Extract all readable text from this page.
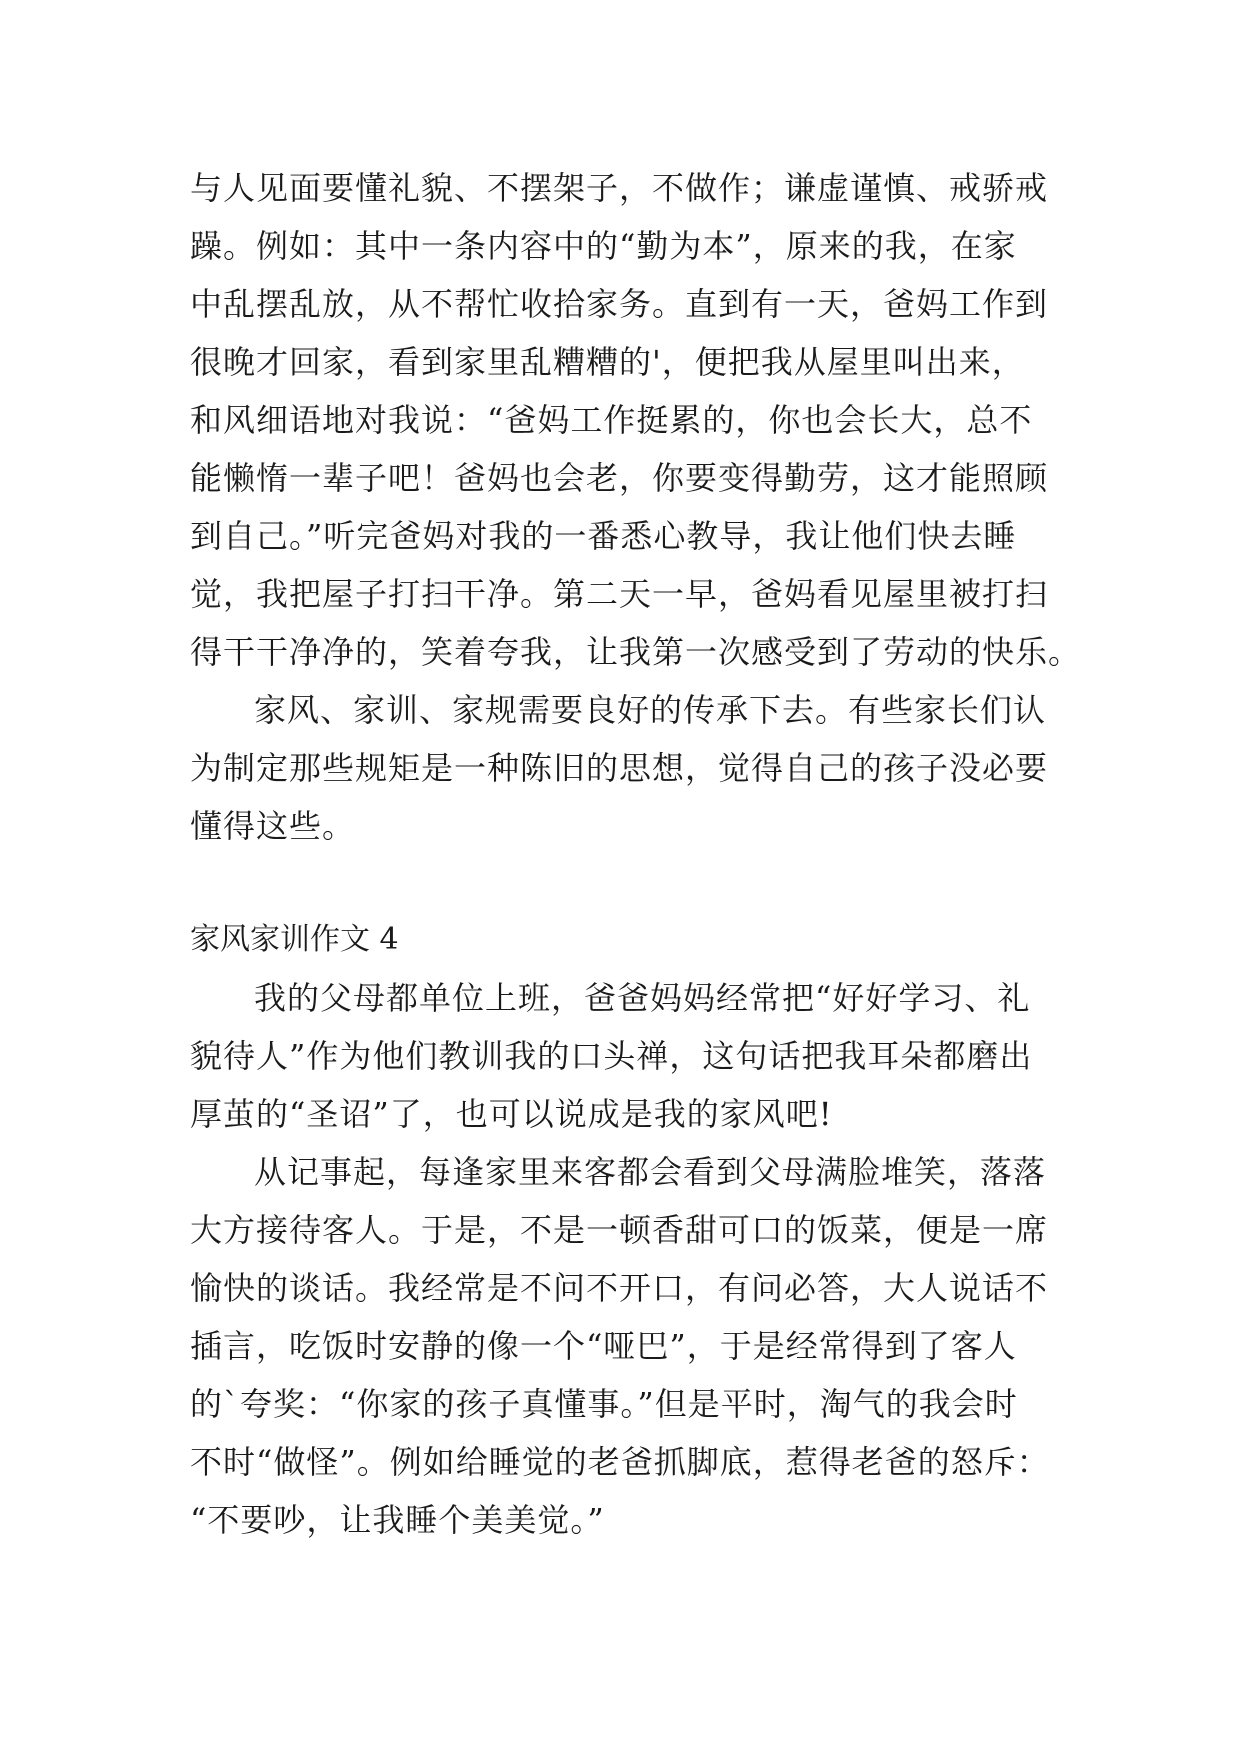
与人见面要懂礼貌、不摆架子，不做作；谦虚谨慎、戒骄戒
躁。例如：其中一条内容中的“勤为本”，原来的我，在家
中乱摆乱放，从不帮忙收拾家务。直到有一天，爸妈工作到
很晚才回家，看到家里乱糟糟的'，便把我从屋里叫出来，
和风细语地对我说：“爸妈工作挺累的，你也会长大，总不
能懒惰一辈子吧！爸妈也会老，你要变得勤劳，这才能照顾
到自己。”听完爸妈对我的一番悉心教导，我让他们快去睡
觉，我把屋子打扫干净。第二天一早，爸妈看见屋里被打扫
得干干净净的，笑着夸我，让我第一次感受到了劳动的快乐。
家风、家训、家规需要良好的传承下去。有些家长们认
为制定那些规矩是一种陈旧的思想，觉得自己的孩子没必要
懂得这些。
家风家训作文 4
我的父母都单位上班，爸爸妈妈经常把“好好学习、礼
貌待人”作为他们教训我的口头禅，这句话把我耳朵都磨出
厚茧的“圣诏”了，也可以说成是我的家风吧!
从记事起，每逢家里来客都会看到父母满脸堆笑，落落
大方接待客人。于是，不是一顿香甜可口的饭菜，便是一席
愉快的谈话。我经常是不问不开口，有问必答，大人说话不
插言，吃饭时安静的像一个“哑巴”，于是经常得到了客人
的`夸奖：“你家的孩子真懂事。”但是平时，淘气的我会时
不时“做怪”。例如给睡觉的老爸抓脚底，惹得老爸的怒斥：
“不要吵，让我睡个美美觉。”
